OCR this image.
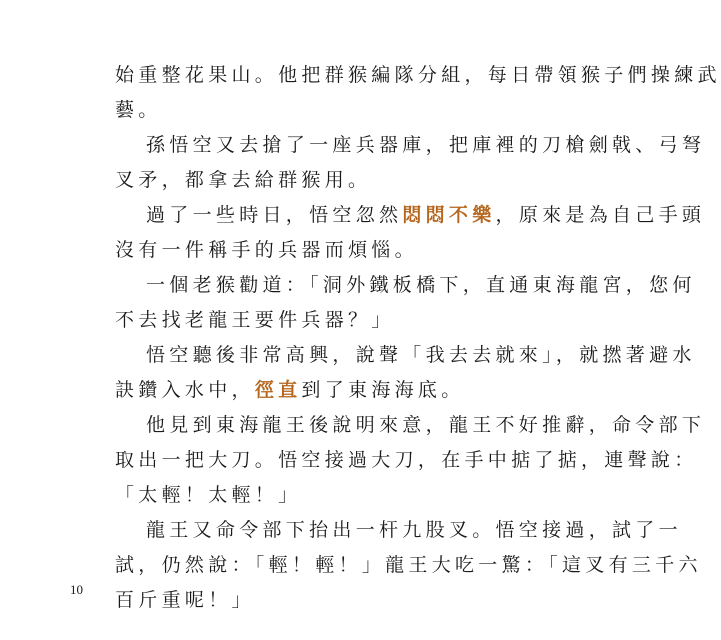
始重整花果山。他把群猴編隊分組，每日帶領猴子們操練武
藝。
孫悟空又去搶了一座兵器庫，把庫裡的刀槍劍戟、弓弩
叉矛，都拿去給群猴用。
過了一些時日，悟空忽然悶悶不樂，原來是為自己手頭
沒有一件稱手的兵器而煩惱。
一個老猴勸道：「洞外鐵板橋下，直通東海龍宮，您何
不去找老龍王要件兵器？」
悟空聽後非常高興，說聲「我去去就來」，就撚著避水
訣鑽入水中，徑直到了東海海底。
他見到東海龍王後說明來意，龍王不好推辭，命令部下
取出一把大刀。悟空接過大刀，在手中掂了掂，連聲說：
「太輕！太輕！」
龍王又命令部下抬出一杆九股叉。悟空接過，試了一
試，仍然說：「輕！輕！」龍王大吃一驚：「這叉有三千六
百斤重呢！」
10
